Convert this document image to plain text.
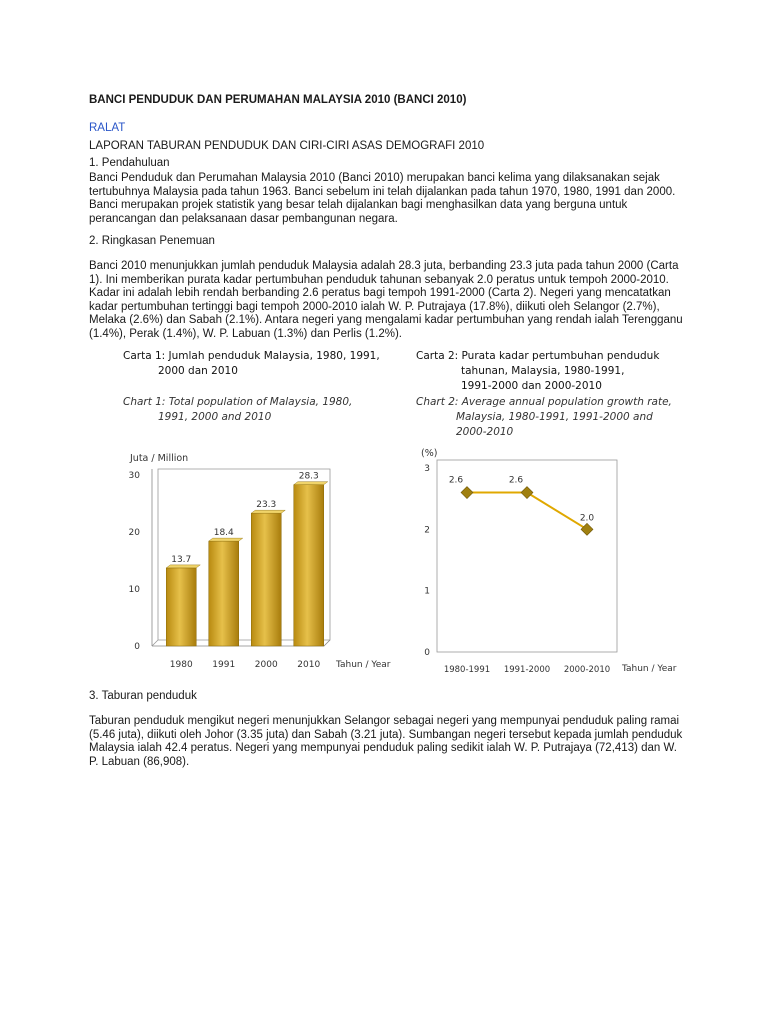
BANCI PENDUDUK DAN PERUMAHAN MALAYSIA 2010 (BANCI 2010)
RALAT
LAPORAN TABURAN PENDUDUK DAN CIRI-CIRI ASAS DEMOGRAFI 2010
1. Pendahuluan
Banci Penduduk dan Perumahan Malaysia 2010 (Banci 2010) merupakan banci kelima yang dilaksanakan sejak
tertubuhnya Malaysia pada tahun 1963. Banci sebelum ini telah dijalankan pada tahun 1970, 1980, 1991 dan 2000.
Banci merupakan projek statistik yang besar telah dijalankan bagi menghasilkan data yang berguna untuk
perancangan dan pelaksanaan dasar pembangunan negara.
2. Ringkasan Penemuan
Banci 2010 menunjukkan jumlah penduduk Malaysia adalah 28.3 juta, berbanding 23.3 juta pada tahun 2000 (Carta
1). Ini memberikan purata kadar pertumbuhan penduduk tahunan sebanyak 2.0 peratus untuk tempoh 2000-2010.
Kadar ini adalah lebih rendah berbanding 2.6 peratus bagi tempoh 1991-2000 (Carta 2). Negeri yang mencatatkan
kadar pertumbuhan tertinggi bagi tempoh 2000-2010 ialah W. P. Putrajaya (17.8%), diikuti oleh Selangor (2.7%),
Melaka (2.6%) dan Sabah (2.1%). Antara negeri yang mengalami kadar pertumbuhan yang rendah ialah Terengganu
(1.4%), Perak (1.4%), W. P. Labuan (1.3%) dan Perlis (1.2%).
Carta 1: Jumlah penduduk Malaysia, 1980, 1991,
2000 dan 2010
Chart 1: Total population of Malaysia, 1980,
1991, 2000 and 2010
Carta 2: Purata kadar pertumbuhan penduduk
tahunan, Malaysia, 1980-1991,
1991-2000 dan 2000-2010
Chart 2: Average annual population growth rate,
Malaysia, 1980-1991, 1991-2000 and
2000-2010
Juta / Million
0
10
20
30
13.7
1980
18.4
1991
23.3
2000
28.3
2010 Tahun / Year
(%)
0
1
2
3
2.6
1980-1991
2.6
1991-2000
2.0
2000-2010 Tahun / Year
3. Taburan penduduk
Taburan penduduk mengikut negeri menunjukkan Selangor sebagai negeri yang mempunyai penduduk paling ramai
(5.46 juta), diikuti oleh Johor (3.35 juta) dan Sabah (3.21 juta). Sumbangan negeri tersebut kepada jumlah penduduk
Malaysia ialah 42.4 peratus. Negeri yang mempunyai penduduk paling sedikit ialah W. P. Putrajaya (72,413) dan W.
P. Labuan (86,908).
